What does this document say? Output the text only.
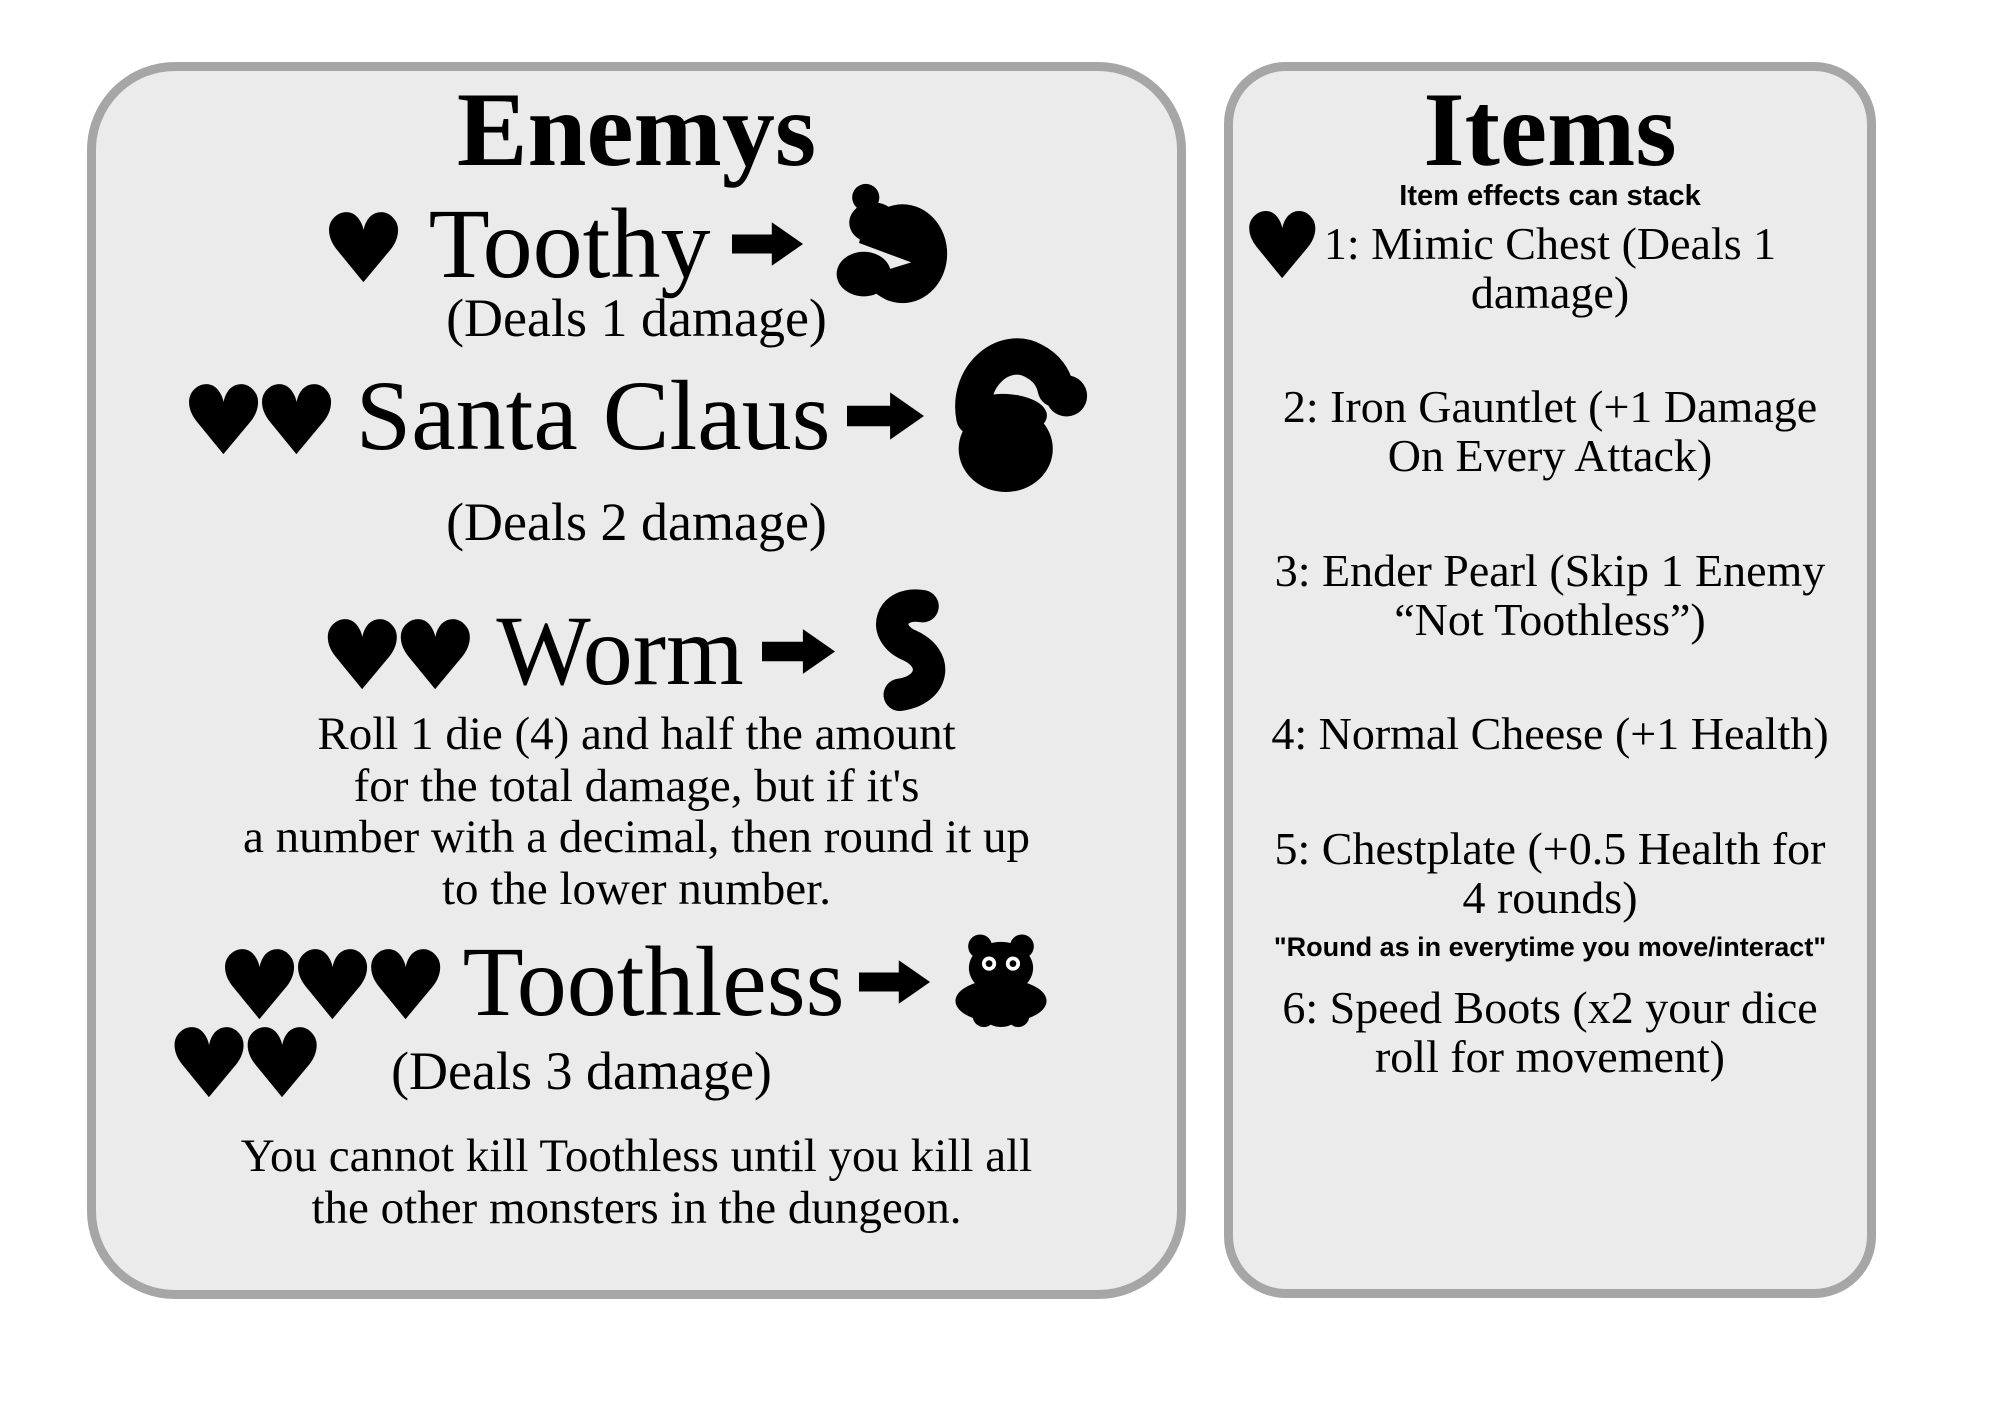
Enemys
♥ Toothy
(Deals 1 damage)
♥♥ Santa Claus
(Deals 2 damage)
♥♥ Worm
Roll 1 die (4) and half the amount
for the total damage, but if it's
a number with a decimal, then round it up
to the lower number.
♥♥♥ Toothless
♥♥	(Deals 3 damage)
You cannot kill Toothless until you kill all
the other monsters in the dungeon.
Items
Item effects can stack
♥ 1: Mimic Chest (Deals 1
damage)
2: Iron Gauntlet (+1 Damage
On Every Attack)
3: Ender Pearl (Skip 1 Enemy
“Not Toothless”)
4: Normal Cheese (+1 Health)
5: Chestplate (+0.5 Health for
4 rounds)
"Round as in everytime you move/interact"
6: Speed Boots (x2 your dice
roll for movement)
